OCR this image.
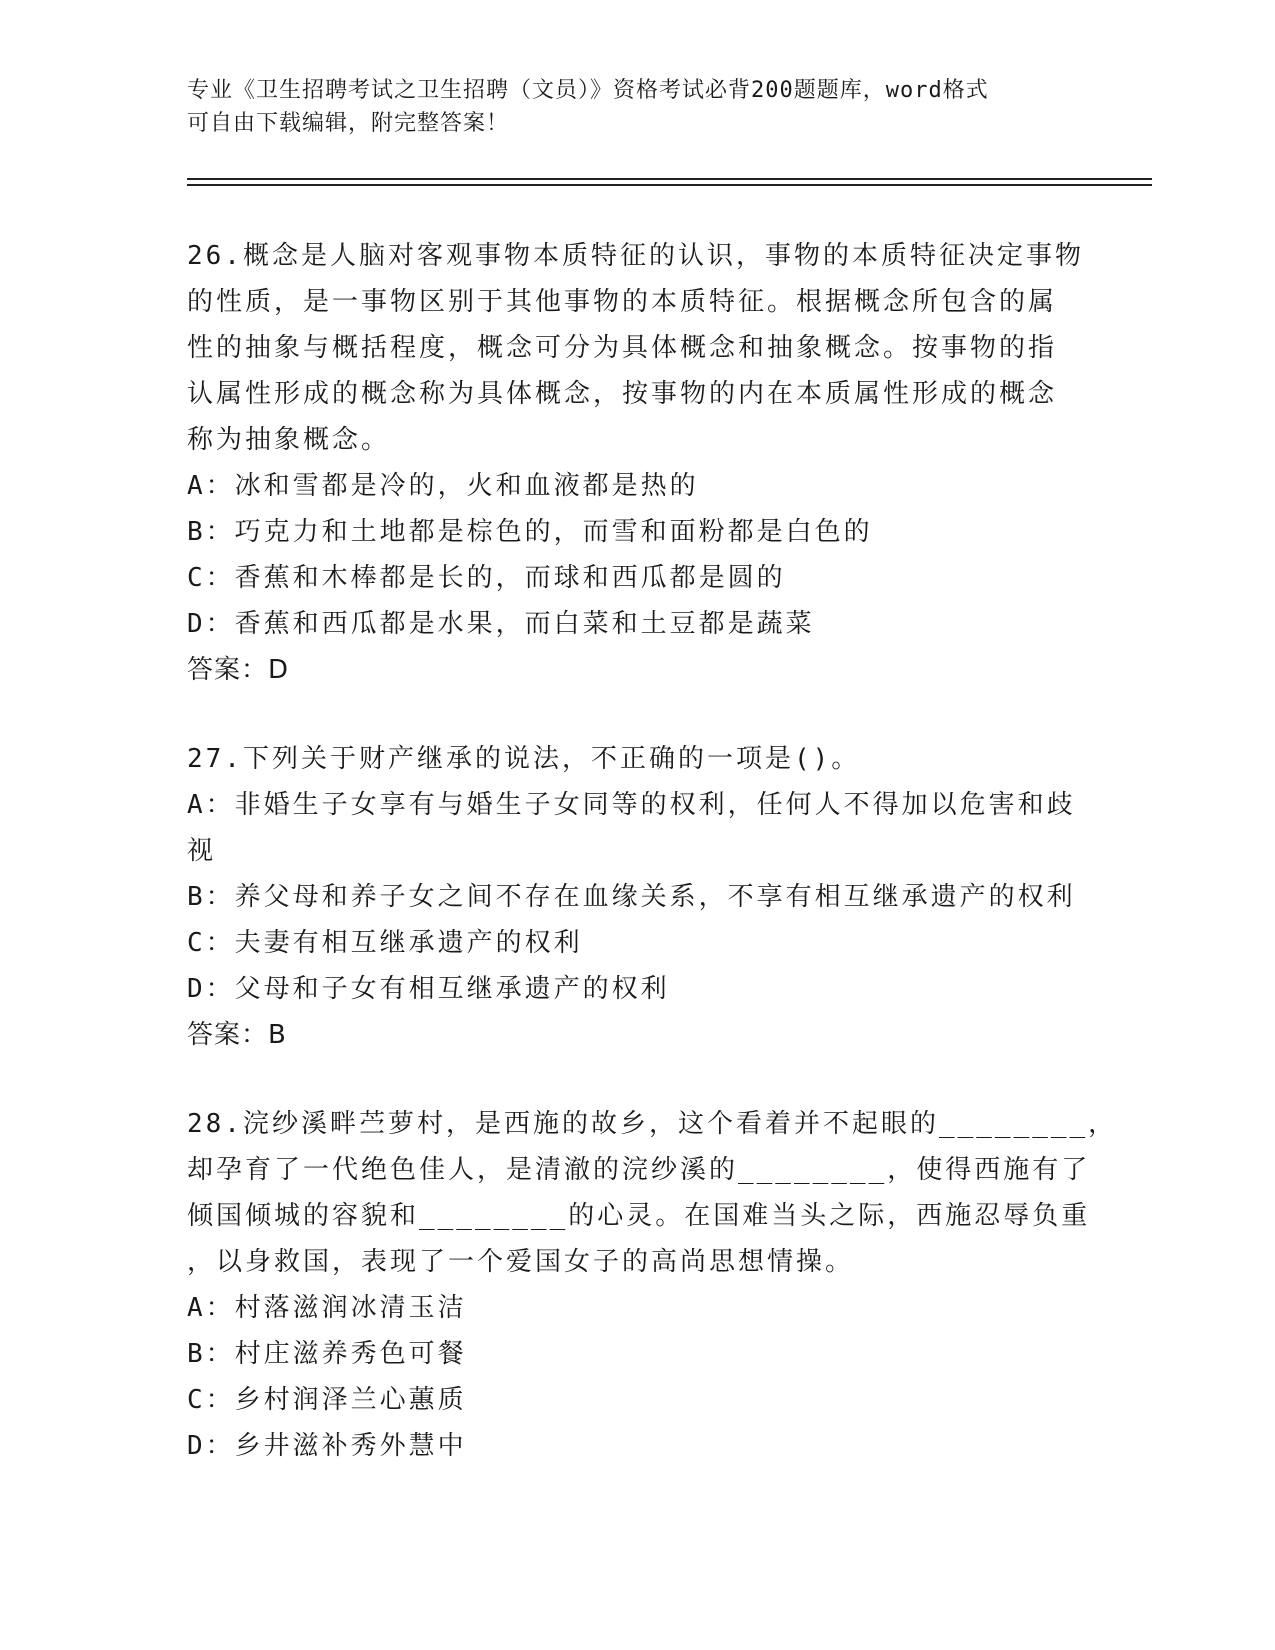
专业《卫生招聘考试之卫生招聘（文员）》资格考试必背200题题库，word格式
可自由下载编辑，附完整答案！
26.概念是人脑对客观事物本质特征的认识，事物的本质特征决定事物
的性质，是一事物区别于其他事物的本质特征。根据概念所包含的属
性的抽象与概括程度，概念可分为具体概念和抽象概念。按事物的指
认属性形成的概念称为具体概念，按事物的内在本质属性形成的概念
称为抽象概念。
A：冰和雪都是冷的，火和血液都是热的
B：巧克力和土地都是棕色的，而雪和面粉都是白色的
C：香蕉和木棒都是长的，而球和西瓜都是圆的
D：香蕉和西瓜都是水果，而白菜和土豆都是蔬菜
答案：D
27.下列关于财产继承的说法，不正确的一项是()。
A：非婚生子女享有与婚生子女同等的权利，任何人不得加以危害和歧
视
B：养父母和养子女之间不存在血缘关系，不享有相互继承遗产的权利
C：夫妻有相互继承遗产的权利
D：父母和子女有相互继承遗产的权利
答案：B
28.浣纱溪畔苎萝村，是西施的故乡，这个看着并不起眼的________，
却孕育了一代绝色佳人，是清澈的浣纱溪的________，使得西施有了
倾国倾城的容貌和________的心灵。在国难当头之际，西施忍辱负重
，以身救国，表现了一个爱国女子的高尚思想情操。
A：村落滋润冰清玉洁
B：村庄滋养秀色可餐
C：乡村润泽兰心蕙质
D：乡井滋补秀外慧中
